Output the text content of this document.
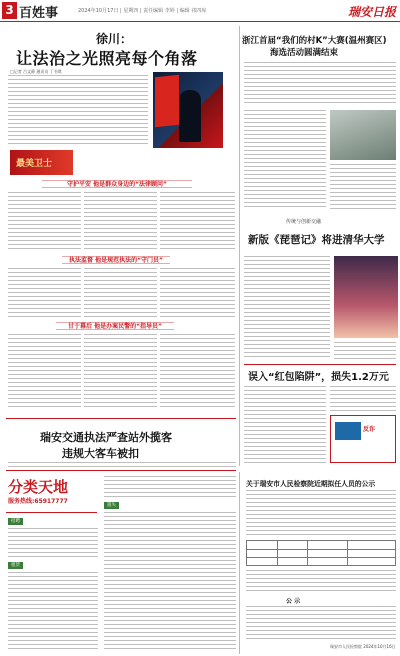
3 百姓事	2024年10月17日 | 星期四 | 责任编辑 李婷 | 编辑 祁四琼	瑞安日报
徐川：
让法治之光照亮每个角落
□记者 吕文静 通讯员 丁书琪
最美卫士
守护平安 他是群众身边的“法律顾问”
执法监督 他是规范执法的“守门员”
甘于幕后 他是办案民警的“指导员”
浙江首届“我们的村K”大赛(温州赛区)
海选活动圆满结束
传统与创新交融
新版《琵琶记》将进清华大学
误入“红包陷阱”，损失1.2万元
反诈
瑞安交通执法严查站外揽客
违规大客车被扣
分类天地
服务热线:65917777
招聘
租赁
遗失
关于瑞安市人民检察院近期拟任人员的公示
公 示
瑞安市人民检察院 2024年10月16日
